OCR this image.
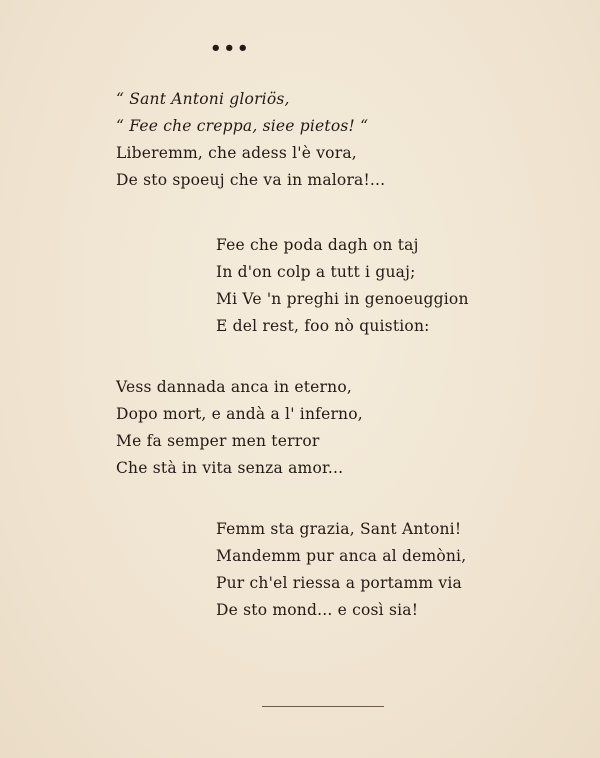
•••
“ Sant Antoni gloriös,
“ Fee che creppa, siee pietos! “
Liberemm, che adess l'è vora,
De sto spoeuj che va in malora!...
Fee che poda dagh on taj
In d'on colp a tutt i guaj;
Mi Ve 'n preghi in genoeuggion
E del rest, foo nò quistion:
Vess dannada anca in eterno,
Dopo mort, e andà a l' inferno,
Me fa semper men terror
Che stà in vita senza amor...
Femm sta grazia, Sant Antoni!
Mandemm pur anca al demòni,
Pur ch'el riessa a portamm via
De sto mond... e così sia!
